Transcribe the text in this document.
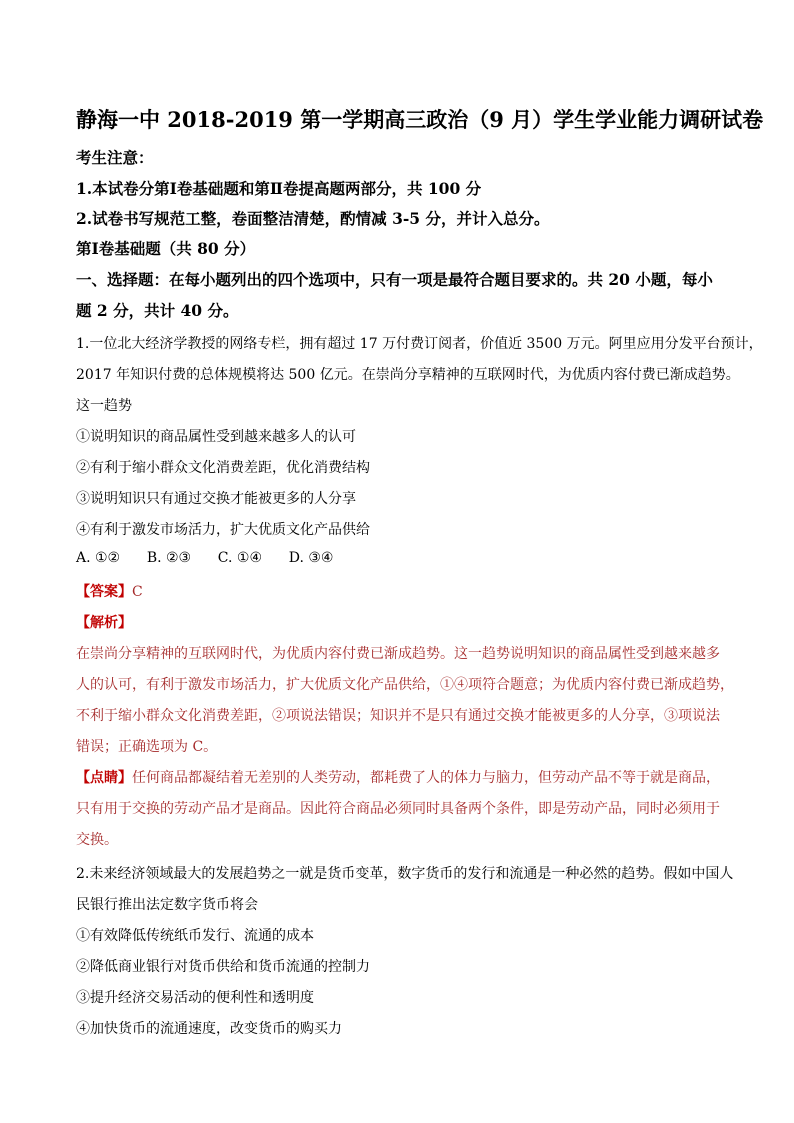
静海一中 2018-2019 第一学期高三政治（9 月）学生学业能力调研试卷
考生注意：
1.本试卷分第Ⅰ卷基础题和第Ⅱ卷提高题两部分，共 100 分
2.试卷书写规范工整，卷面整洁清楚，酌情减 3-5 分，并计入总分。
第Ⅰ卷基础题（共 80 分）
一、选择题：在每小题列出的四个选项中，只有一项是最符合题目要求的。共 20 小题，每小
题 2 分，共计 40 分。
1.一位北大经济学教授的网络专栏，拥有超过 17 万付费订阅者，价值近 3500 万元。阿里应用分发平台预计，
2017 年知识付费的总体规模将达 500 亿元。在崇尚分享精神的互联网时代，为优质内容付费已渐成趋势。
这一趋势
①说明知识的商品属性受到越来越多人的认可
②有利于缩小群众文化消费差距，优化消费结构
③说明知识只有通过交换才能被更多的人分享
④有利于激发市场活力，扩大优质文化产品供给
A. ①②      B. ②③      C. ①④      D. ③④
【答案】C
【解析】
在崇尚分享精神的互联网时代，为优质内容付费已渐成趋势。这一趋势说明知识的商品属性受到越来越多
人的认可，有利于激发市场活力，扩大优质文化产品供给，①④项符合题意；为优质内容付费已渐成趋势，
不利于缩小群众文化消费差距，②项说法错误；知识并不是只有通过交换才能被更多的人分享，③项说法
错误；正确选项为 C。
【点睛】任何商品都凝结着无差别的人类劳动，都耗费了人的体力与脑力，但劳动产品不等于就是商品，
只有用于交换的劳动产品才是商品。因此符合商品必须同时具备两个条件，即是劳动产品，同时必须用于
交换。
2.未来经济领域最大的发展趋势之一就是货币变革，数字货币的发行和流通是一种必然的趋势。假如中国人
民银行推出法定数字货币将会
①有效降低传统纸币发行、流通的成本
②降低商业银行对货币供给和货币流通的控制力
③提升经济交易活动的便利性和透明度
④加快货币的流通速度，改变货币的购买力
